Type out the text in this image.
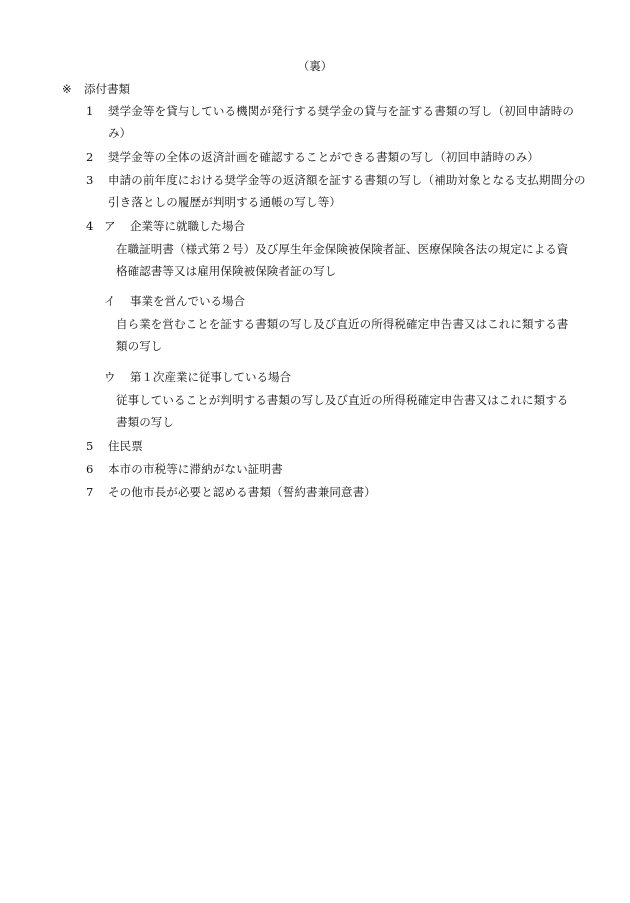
（裏）
※ 添付書類
1	奨学金等を貸与している機関が発行する奨学金の貸与を証する書類の写し（初回申請時のみ）
2	奨学金等の全体の返済計画を確認することができる書類の写し（初回申請時のみ）
3	申請の前年度における奨学金等の返済額を証する書類の写し（補助対象となる支払期間分の引き落としの履歴が判明する通帳の写し等）
4 ア	企業等に就職した場合
在職証明書（様式第２号）及び厚生年金保険被保険者証、医療保険各法の規定による資格確認書等又は雇用保険被保険者証の写し
イ	事業を営んでいる場合
自ら業を営むことを証する書類の写し及び直近の所得税確定申告書又はこれに類する書類の写し
ウ	第１次産業に従事している場合
従事していることが判明する書類の写し及び直近の所得税確定申告書又はこれに類する書類の写し
5	住民票
6	本市の市税等に滞納がない証明書
7	その他市長が必要と認める書類（誓約書兼同意書）
